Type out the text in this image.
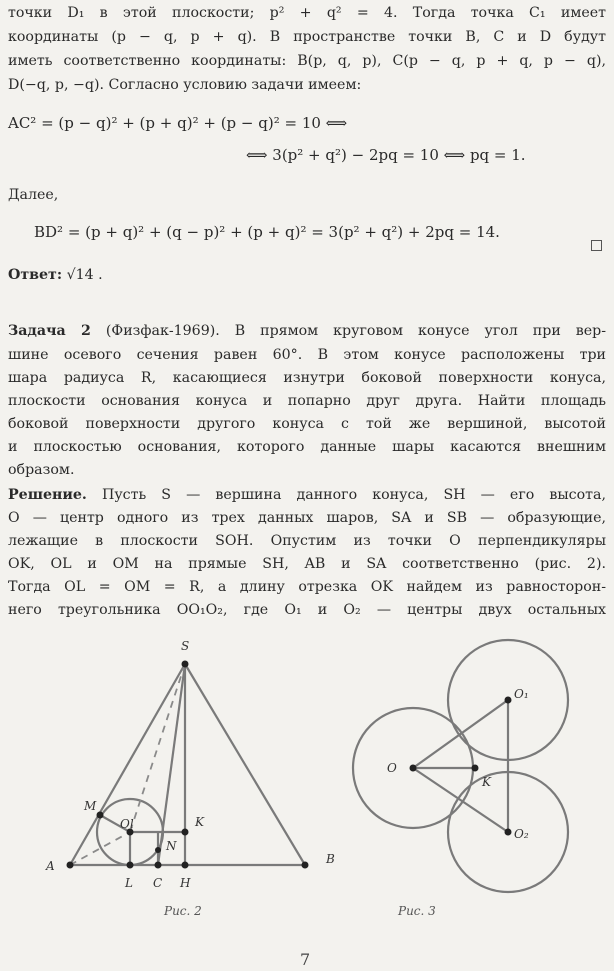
точки D₁ в этой плоскости; p² + q² = 4. Тогда точка C₁ имеет
координаты (p − q, p + q). В пространстве точки B, C и D будут
иметь соответственно координаты: B(p, q, p), C(p − q, p + q, p − q),
D(−q, p, −q). Согласно условию задачи имеем:
AC² = (p − q)² + (p + q)² + (p − q)² = 10 ⟺
⟺ 3(p² + q²) − 2pq = 10 ⟺ pq = 1.
Далее,
BD² = (p + q)² + (q − p)² + (p + q)² = 3(p² + q²) + 2pq = 14.
Ответ: √14 .
Задача 2 (Физфак-1969). В прямом круговом конусе угол при вер-
шине осевого сечения равен 60°. В этом конусе расположены три
шара радиуса R, касающиеся изнутри боковой поверхности конуса,
плоскости основания конуса и попарно друг друга. Найти площадь
боковой поверхности другого конуса с той же вершиной, высотой
и плоскостью основания, которого данные шары касаются внешним
образом.
Решение. Пусть S — вершина данного конуса, SH — его высота,
O — центр одного из трех данных шаров, SA и SB — образующие,
лежащие в плоскости SOH. Опустим из точки O перпендикуляры
OK, OL и OM на прямые SH, AB и SA соответственно (рис. 2).
Тогда OL = OM = R, а длину отрезка OK найдем из равносторон-
него треугольника OO₁O₂, где O₁ и O₂ — центры двух остальных
S
M
Ol	K
N
A
L C H
B
O
O₁
O₂
K
Рис. 2	Рис. 3
7
